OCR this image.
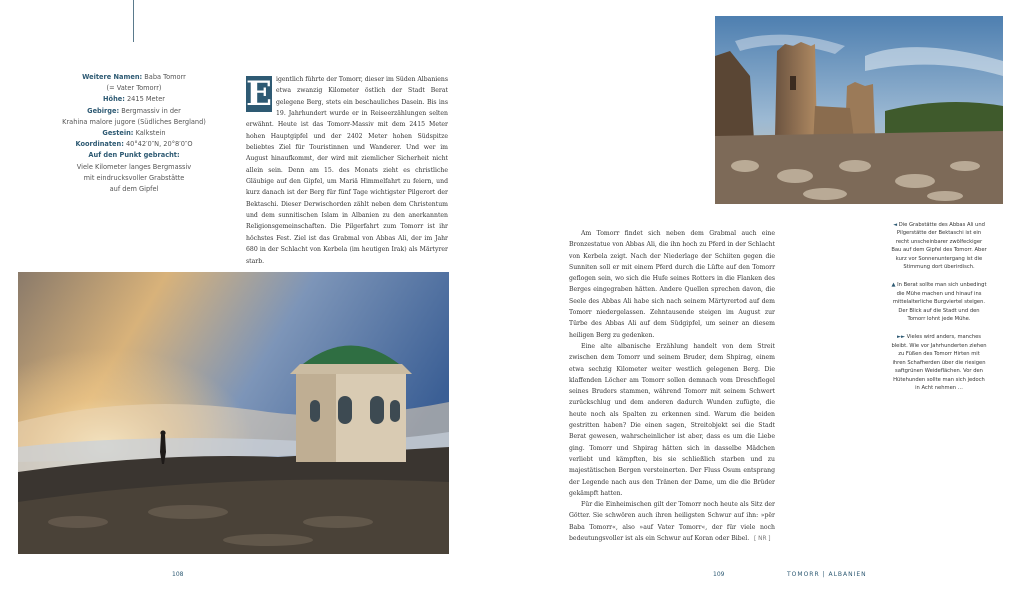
Weitere Namen: Baba Tomorr
(= Vater Tomorr)
Höhe: 2415 Meter
Gebirge: Bergmassiv in der
Krahina malore jugore (Südliches Bergland)
Gestein: Kalkstein
Koordinaten: 40°42′0″N, 20°8′0″O
Auf den Punkt gebracht:
Viele Kilometer langes Bergmassiv
mit eindrucksvoller Grabstätte
auf dem Gipfel
E igentlich führte der Tomorr, dieser im Süden Albaniens etwa zwanzig Kilometer östlich der Stadt Berat gelegene Berg, stets ein beschauliches Dasein. Bis ins 19. Jahrhundert wurde er in Reiseerzählungen selten erwähnt. Heute ist das Tomorr-Massiv mit dem 2415 Meter hohen Hauptgipfel und der 2402 Meter hohen Südspitze beliebtes Ziel für Touristinnen und Wanderer. Und wer im August hinaufkommt, der wird mit ziemlicher Sicherheit nicht allein sein. Denn am 15. des Monats zieht es christliche Gläubige auf den Gipfel, um Mariä Himmelfahrt zu feiern, und kurz danach ist der Berg für fünf Tage wichtigster Pilgerort der Bektaschi. Dieser Derwischorden zählt neben dem Christentum und dem sunnitischen Islam in Albanien zu den anerkannten Religionsgemeinschaften. Die Pilgerfahrt zum Tomorr ist ihr höchstes Fest. Ziel ist das Grabmal von Abbas Ali, der im Jahr 680 in der Schlacht von Kerbela (im heutigen Irak) als Märtyrer starb.

Am Tomorr findet sich neben dem Grabmal auch eine Bronzestatue von Abbas Ali, die ihn hoch zu Pferd in der Schlacht von Kerbela zeigt. Nach der Niederlage der Schiiten gegen die Sunniten soll er mit einem Pferd durch die Lüfte auf den Tomorr geflogen sein, wo sich die Hufe seines Rotters in die Flanken des Berges eingegraben hätten. Andere Quellen sprechen davon, die Seele des Abbas Ali habe sich nach seinem Märtyrertod auf dem Tomorr niedergelassen. Zehntausende steigen im August zur Türbe des Abbas Ali auf dem Südgipfel, um seiner an diesem heiligen Berg zu gedenken.

Eine alte albanische Erzählung handelt von dem Streit zwischen dem Tomorr und seinem Bruder, dem Shpirag, einem etwa sechzig Kilometer weiter westlich gelegenen Berg. Die klaffenden Löcher am Tomorr sollen demnach vom Dreschflegel seines Bruders stammen, während Tomorr mit seinem Schwert zurückschlug und dem anderen dadurch Wunden zufügte, die heute noch als Spalten zu erkennen sind. Warum die beiden gestritten haben? Die einen sagen, Streitobjekt sei die Stadt Berat gewesen, wahrscheinlicher ist aber, dass es um die Liebe ging. Tomorr und Shpirag hätten sich in dasselbe Mädchen verliebt und kämpften, bis sie schließlich starben und zu majestätischen Bergen versteinerten. Der Fluss Osum entsprang der Legende nach aus den Tränen der Dame, um die die Brüder gekämpft hatten.

Für die Einheimischen gilt der Tomorr noch heute als Sitz der Götter. Sie schwören auch ihren heiligsten Schwur auf ihn: »për Baba Tomorr«, also »auf Vater Tomorr«, der für viele noch bedeutungsvoller ist als ein Schwur auf Koran oder Bibel. [ NR ]
◄ Die Grabstätte des Abbas Ali und Pilgerstätte der Bektaschi ist ein recht unscheinbarer zwölfeckiger Bau auf dem Gipfel des Tomorr. Aber kurz vor Sonnenuntergang ist die Stimmung dort überirdisch.
▲ In Berat sollte man sich unbedingt die Mühe machen und hinauf ins mittelalterliche Burgviertel steigen. Der Blick auf die Stadt und den Tomorr lohnt jede Mühe.
►► Vieles wird anders, manches bleibt. Wie vor Jahrhunderten ziehen zu Füßen des Tomorr Hirten mit ihren Schafherden über die riesigen saftgrünen Weideflächen. Vor den Hütehunden sollte man sich jedoch in Acht nehmen …
108	109	TOMORR | ALBANIEN
